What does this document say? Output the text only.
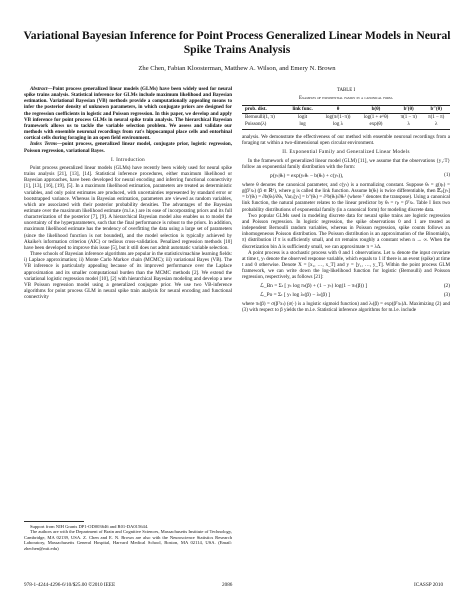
Variational Bayesian Inference for Point Process Generalized Linear Models in Neural Spike Trains Analysis
Zhe Chen, Fabian Kloosterman, Matthew A. Wilson, and Emery N. Brown

Abstract—Point process generalized linear models (GLMs) have been widely used for neural spike trains analysis. Statistical inference for GLMs include maximum likelihood and Bayesian estimation. Variational Bayesian (VB) methods provide a computationally appealing means to infer the posterior density of unknown parameters, in which conjugate priors are designed for the regression coefficients in logistic and Poisson regression. In this paper, we develop and apply VB inference for point process GLMs in neural spike train analysis. The hierarchical Bayesian framework allows us to tackle the variable selection problem. We assess and validate our methods with ensemble neuronal recordings from rat's hippocampal place cells and entorhinal cortical cells during foraging in an open field environment.

Index Terms—point process, generalized linear model, conjugate prior, logistic regression, Poisson regression, variational Bayes.

I. Introduction

Point process generalized linear models (GLMs) have recently been widely used for neural spike trains analysis [21], [13], [14]. Statistical inference procedures, either maximum likelihood or Bayesian approaches, have been developed for neural encoding and inferring functional connectivity [1], [13], [16], [19], [5]. In a maximum likelihood estimation, parameters are treated as deterministic variables, and only point estimates are produced, with uncertainties represented by standard error or bootstrapped variance. Whereas in Bayesian estimation, parameters are viewed as random variables, which are associated with their posterior probability densities. The advantages of the Bayesian estimate over the maximum likelihood estimate (m.l.e.) are its ease of incorporating priors and its full characterization of the posterior [7], [9]. A hierarchical Bayesian model also enables us to model the uncertainty of the hyperparameters, such that the final performance is robust to the priors. In addition, maximum likelihood estimate has the tendency of overfitting the data using a large set of parameters (since the likelihood function is not bounded), and the model selection is typically achieved by Akaike's information criterion (AIC) or tedious cross-validation. Penalized regression methods [10] have been developed to improve this issue [5], but it still does not admit automatic variable selection.

Three schools of Bayesian inference algorithms are popular in the statistics/machine learning fields: i) Laplace approximation; ii) Monte Carlo Markov chain (MCMC); iii) variational Bayes (VB). The VB inference is particularly appealing because of its improved performance over the Laplace approximation and its smaller computational burden than the MCMC methods [2]. We extend the variational logistic regression model [10], [2] with hierarchical Bayesian modeling and develop a new VB Poisson regression model using a generalized conjugate prior. We use two VB-inference algorithms for point process GLM in neural spike train analysis for neural encoding and functional connectivity

Support from NIH Grants DP1-OD003646 and R01-DA015644.

The authors are with the Department of Brain and Cognitive Sciences, Massachusetts Institute of Technology, Cambridge, MA 02139, USA. Z. Chen and E. N. Brown are also with the Neuroscience Statistics Research Laboratory, Massachusetts General Hospital, Harvard Medical School, Boston, MA 02114, USA. (Email: zhechen@mit.edu)

TABLE I
Examples of exponential family in a canonical form.
prob. dist.	link func.	θ	b(θ)	b′(θ)	b″(θ)
Bernoulli(1, π)	logit	log(π/(1−π))	log(1 + e^θ)	π(1 − π)	π(1 − π)
Poisson(λ)	log	log λ	exp(θ)	λ	λ

analysis. We demonstrate the effectiveness of our method with ensemble neuronal recordings from a foraging rat within a two-dimensional open circular environment.

II. Exponential Family and Generalized Linear Models

In the framework of generalized linear model (GLM) [11], we assume that the observations {y₁:T} follow an exponential family distribution with the form:

p(yₜ|θₜ) = exp(yₜθₜ − b(θₜ) + c(yₜ)),	(1)

where θ denotes the canonical parameter, and c(yₜ) is a normalizing constant. Suppose θₜ = g(ηₜ) = g(βᵀxₜ) (β ∈ ℝᵈ), where g is called the link function. Assume b(θₜ) is twice differentiable, then 𝔼ₚ[yₜ] = b′(θₜ) = ∂b(θₜ)/∂θₜ, Varₚ[yₜ] = b″(θₜ) = ∂²b(θₜ)/∂θₜ² (where ᵀ denotes the transpose). Using a canonical link function, the natural parameter relates to the linear predictor by θₜ = ηₜ = βᵀxₜ. Table I lists two probability distributions of exponential family (in a canonical form) for modeling discrete data.

Two popular GLMs used in modeling discrete data for neural spike trains are logistic regression and Poisson regression. In logistic regression, the spike observations 0 and 1 are treated as independent Bernoulli random variables, whereas in Poisson regression, spike counts follows an inhomogeneous Poisson distribution. The Poisson distribution is an approximation of the Binomial(n, π) distribution if π is sufficiently small, and nπ remains roughly a constant when n → ∞. When the discretization bin Δ is sufficiently small, we can approximate π = λΔ.

A point process is a stochastic process with 0 and 1 observations. Let xₜ denote the input covariate at time t, yₜ denote the observed response variable, which equals to 1 if there is an event (spike) at time t and 0 otherwise. Denote X = [x₁, …, x_T] and y = [y₁, …, y_T]. Within the point process GLM framework, we can write down the log-likelihood function for logistic (Bernoulli) and Poisson regression, respectively, as follows [21]:

ℒ_Bn = Σₜ [ yₜ log πₜ(β) + (1 − yₜ) log(1 − πₜ(β)) ]	(2)
ℒ_Po = Σₜ [ yₜ log λₜ(β) − λₜ(β) ]	(3)

where πₜ(β) = σ(βᵀxₜ) (σ(·) is a logistic sigmoid function) and λₜ(β) = exp(βᵀxₜ)Δ. Maximizing (2) and (3) with respect to β yields the m.l.e. Statistical inference algorithms for m.l.e. include

978-1-4244-4296-6/10/$25.00 ©2010 IEEE	2086	ICASSP 2010
